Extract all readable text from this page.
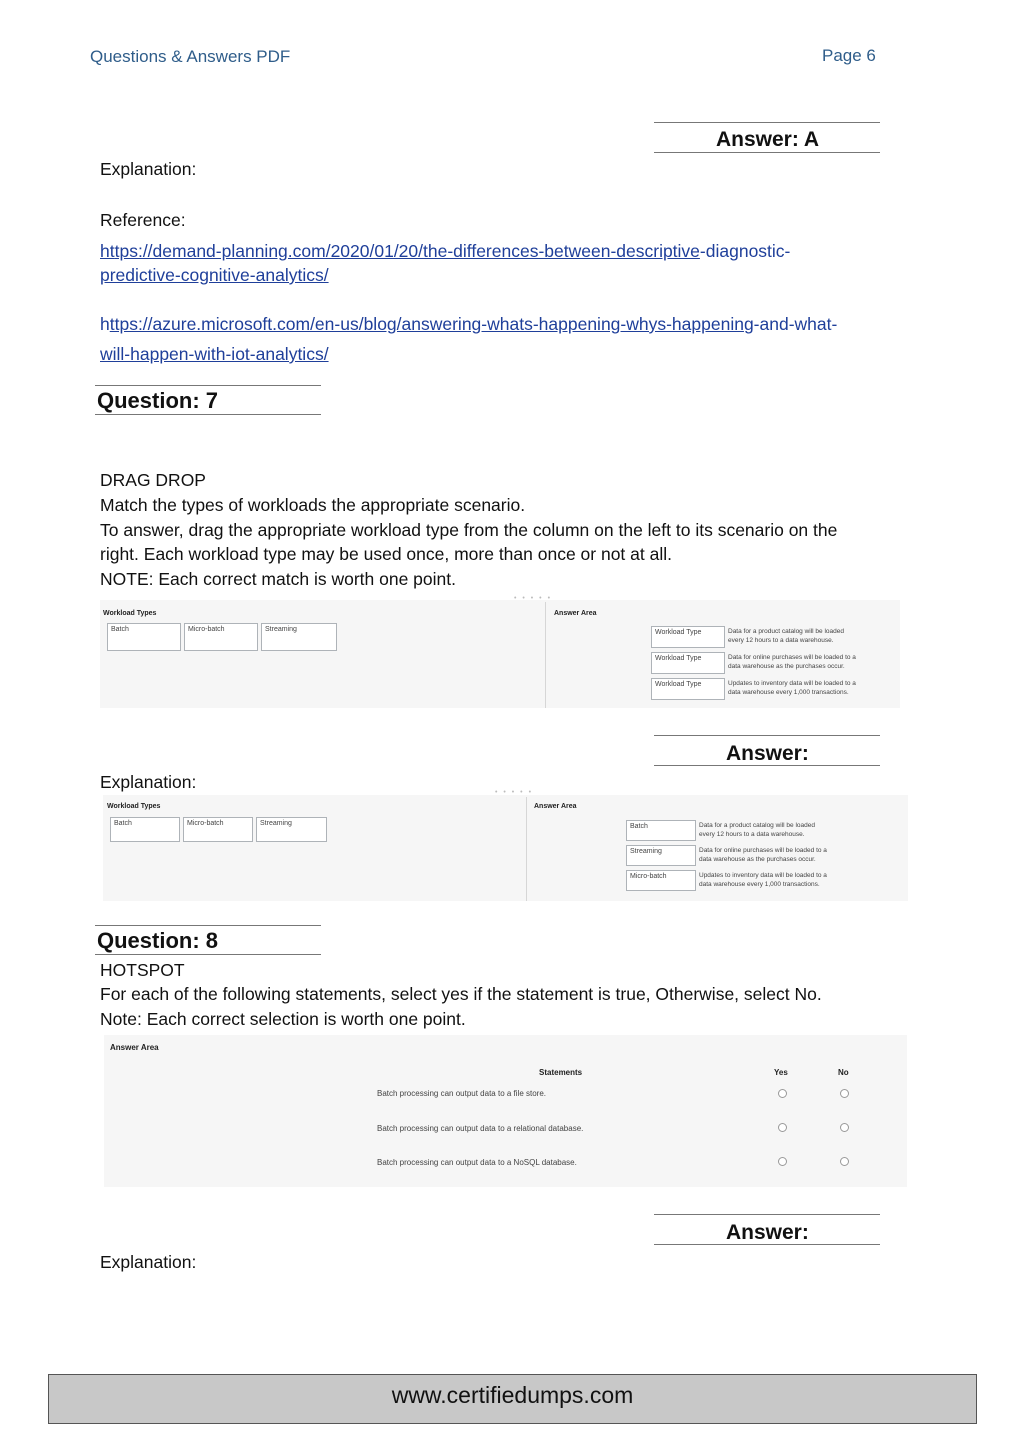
Questions & Answers PDF	Page 6
Answer: A
Explanation:
Reference:
https://demand-planning.com/2020/01/20/the-differences-between-descriptive-diagnostic-
predictive-cognitive-analytics/
https://azure.microsoft.com/en-us/blog/answering-whats-happening-whys-happening-and-what-
will-happen-with-iot-analytics/
Question: 7
DRAG DROP
Match the types of workloads the appropriate scenario.
To answer, drag the appropriate workload type from the column on the left to its scenario on the
right. Each workload type may be used once, more than once or not at all.
NOTE: Each correct match is worth one point.
Workload Types
• • • • •
Answer Area
Batch	Micro-batch	Streaming	Workload Type	Data for a product catalog will be loaded
every 12 hours to a data warehouse.
Workload Type	Data for online purchases will be loaded to a
data warehouse as the purchases occur.
Workload Type	Updates to inventory data will be loaded to a
data warehouse every 1,000 transactions.
Answer:
Explanation:
Workload Types
• • • • •
Answer Area
Batch	Micro-batch	Streaming	Batch	Data for a product catalog will be loaded
every 12 hours to a data warehouse.
Streaming	Data for online purchases will be loaded to a
data warehouse as the purchases occur.
Micro-batch	Updates to inventory data will be loaded to a
data warehouse every 1,000 transactions.
Question: 8
HOTSPOT
For each of the following statements, select yes if the statement is true, Otherwise, select No.
Note: Each correct selection is worth one point.
Answer Area
Statements	Yes	No
Batch processing can output data to a file store.
Batch processing can output data to a relational database.
Batch processing can output data to a NoSQL database.
Answer:
Explanation:
www.certifiedumps.com
